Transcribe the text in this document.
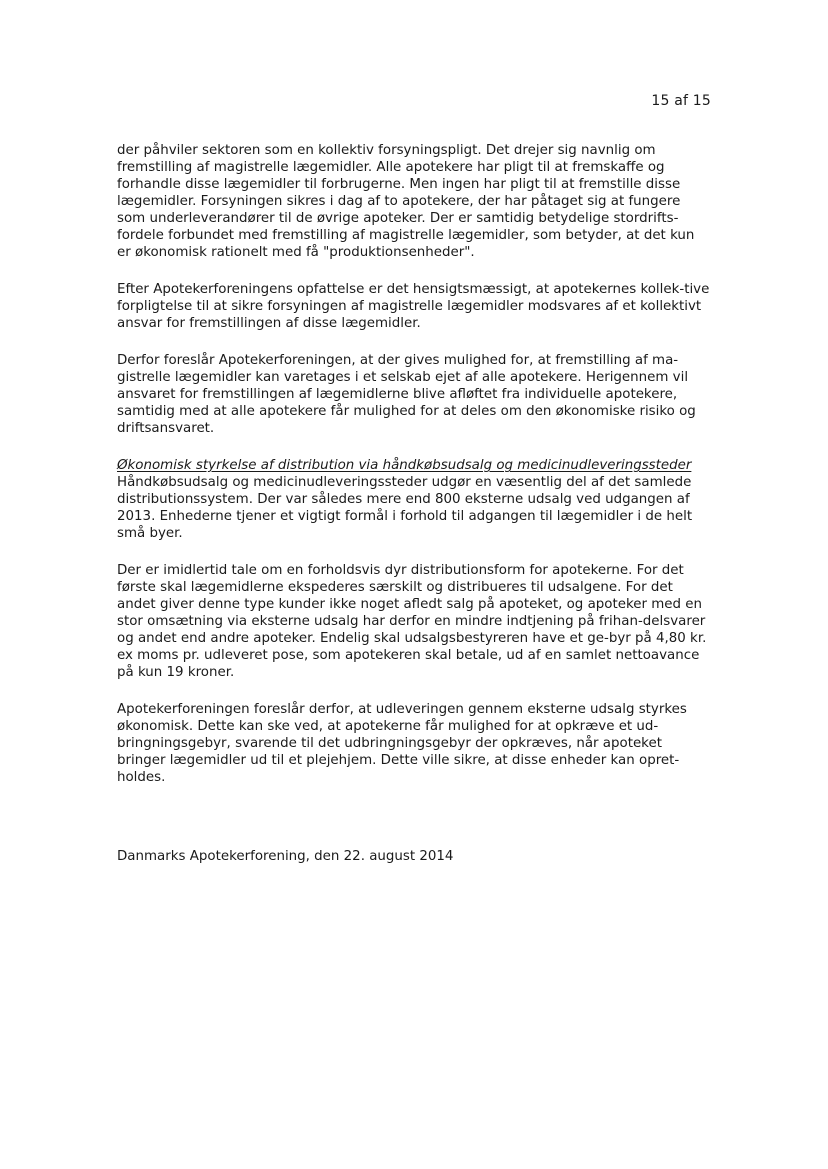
15 af 15

der påhviler sektoren som en kollektiv forsyningspligt. Det drejer sig navnlig om fremstilling af magistrelle lægemidler. Alle apotekere har pligt til at fremskaffe og forhandle disse lægemidler til forbrugerne. Men ingen har pligt til at fremstille disse lægemidler. Forsyningen sikres i dag af to apotekere, der har påtaget sig at fungere som underleverandører til de øvrige apoteker. Der er samtidig betydelige stordrifts-fordele forbundet med fremstilling af magistrelle lægemidler, som betyder, at det kun er økonomisk rationelt med få "produktionsenheder".

Efter Apotekerforeningens opfattelse er det hensigtsmæssigt, at apotekernes kollek-tive forpligtelse til at sikre forsyningen af magistrelle lægemidler modsvares af et kollektivt ansvar for fremstillingen af disse lægemidler.

Derfor foreslår Apotekerforeningen, at der gives mulighed for, at fremstilling af ma-gistrelle lægemidler kan varetages i et selskab ejet af alle apotekere. Herigennem vil ansvaret for fremstillingen af lægemidlerne blive afløftet fra individuelle apotekere, samtidig med at alle apotekere får mulighed for at deles om den økonomiske risiko og driftsansvaret.

Økonomisk styrkelse af distribution via håndkøbsudsalg og medicinudleveringssteder

Håndkøbsudsalg og medicinudleveringssteder udgør en væsentlig del af det samlede distributionssystem. Der var således mere end 800 eksterne udsalg ved udgangen af 2013. Enhederne tjener et vigtigt formål i forhold til adgangen til lægemidler i de helt små byer.

Der er imidlertid tale om en forholdsvis dyr distributionsform for apotekerne. For det første skal lægemidlerne ekspederes særskilt og distribueres til udsalgene. For det andet giver denne type kunder ikke noget afledt salg på apoteket, og apoteker med en stor omsætning via eksterne udsalg har derfor en mindre indtjening på frihan-delsvarer og andet end andre apoteker. Endelig skal udsalgsbestyreren have et ge-byr på 4,80 kr. ex moms pr. udleveret pose, som apotekeren skal betale, ud af en samlet nettoavance på kun 19 kroner.

Apotekerforeningen foreslår derfor, at udleveringen gennem eksterne udsalg styrkes økonomisk. Dette kan ske ved, at apotekerne får mulighed for at opkræve et ud-bringningsgebyr, svarende til det udbringningsgebyr der opkræves, når apoteket bringer lægemidler ud til et plejehjem. Dette ville sikre, at disse enheder kan opret-holdes.

Danmarks Apotekerforening, den 22. august 2014
